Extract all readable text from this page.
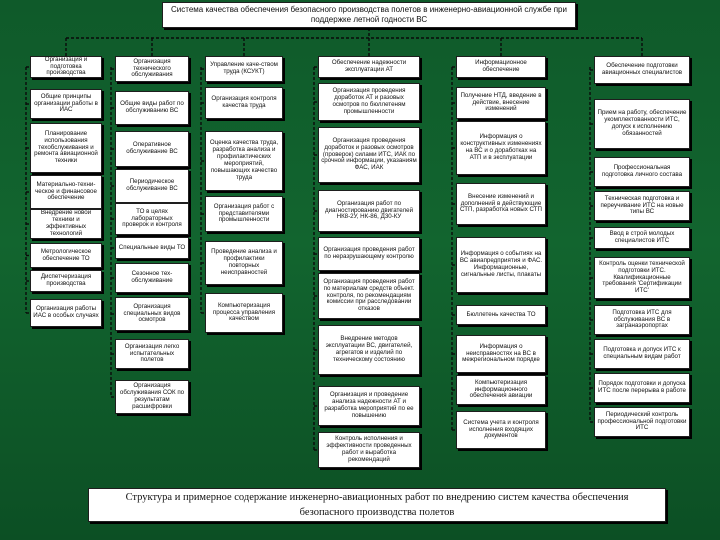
Система качества обеспечения безопасного производства полетов в инженерно-авиационной службе при поддержке летной годности ВС
Структура и примерное содержание инженерно-авиационных работ по внедрению систем качества обеспечения безопасного производства полетов
Организация и подготовка производства
Общие принципы организации работы в ИАС
Планирование использования техобслуживания и ремонта авиационной техники
Материально-техни-ческое и финансовое обеспечение
Внедрение новой техники и эффективных технологий
Метрологическое обеспечение ТО
Диспетчеризация производства
Организация работы ИАС в особых случаях
Организация технического обслуживания
Общие виды работ по обслуживанию ВС
Оперативное обслуживание ВС
Периодическое обслуживание ВС
ТО в целях лабораторных проверок и контроля
Специальные виды ТО
Сезонное тех-обслуживание
Организация специальных видов осмотров
Организация легко испытательных полетов
Организация обслуживания СОК по результатам расшифровки
Управление каче-ством труда (КСУКТ)
Организация контроля качества труда
Оценка качества труда, разработка анализа и профилактических мероприятий, повышающих качество труда
Организация работ с представителями промышленности
Проведение анализа и профилактики повторных неисправностей
Компьютеризация процесса управления качеством
Обеспечение надежности эксплуатации АТ
Организация проведения доработок АТ и разовых осмотров по бюллетеням промышленности
Организация проведения доработок и разовых осмотров (проверок) силами ИТС, ИАК по срочной информации, указаниям ФАС, ИАК
Организация работ по диагностированию двигателей НК8-2У, НК-86, Д30-КУ
Организация проведения работ по неразрушающему контролю
Организация проведения работ по материалам средств объект. контроля, по рекомендациям комиссии при расследовании отказов
Внедрение методов эксплуатации ВС, двигателей, агрегатов и изделий по техническому состоянию
Организация и проведение анализа надежности АТ и разработка мероприятий по ее повышению
Контроль исполнения и эффективности проведенных работ и выработка рекомендаций
Информационное обеспечение
Получение НТД, введение в действие, внесение изменений
Информация о конструктивных изменениях на ВС и о доработках на АТП и в эксплуатации
Внесение изменений и дополнений в действующие СТП, разработка новых СТП
Информация о событиях на ВС авиапредприятия и ФАС. Информационные, сигнальные листы, плакаты
Бюллетень качества ТО
Информация о неисправностях на ВС в межрегиональном порядке
Компьютеризация информационного обеспечения авиации
Система учета и контроля исполнения входящих документов
Обеспечение подготовки авиационных специалистов
Прием на работу, обеспечение укомплектованности ИТС, допуск к исполнению обязанностей
Профессиональная подготовка личного состава
Техническая подготовка и переучивание ИТС на новые типы ВС
Ввод в строй молодых специалистов ИТС
Контроль оценки технической подготовки ИТС. Квалификационные требования 'Сертификации ИТС'
Подготовка ИТС для обслуживания ВС в загранаэропортах
Подготовка и допуск ИТС к специальным видам работ
Порядок подготовки и допуска ИТС после перерыва в работе
Периодический контроль профессиональной подготовки ИТС
